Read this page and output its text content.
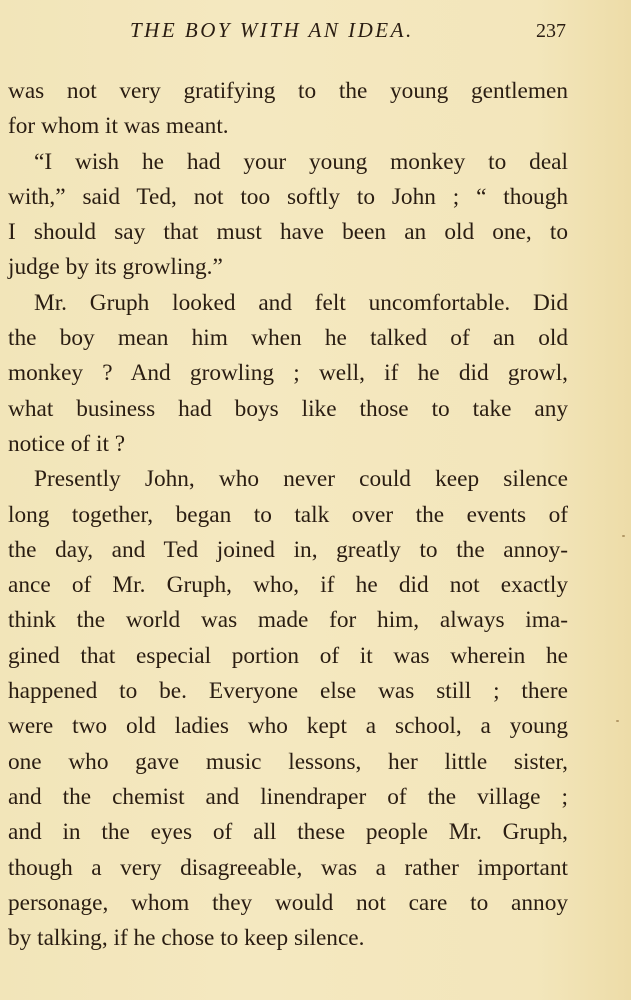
THE BOY WITH AN IDEA.	237
was not very gratifying to the young gentlemen
for whom it was meant.
“I wish he had your young monkey to deal
with,” said Ted, not too softly to John ; “ though
I should say that must have been an old one, to
judge by its growling.”
Mr. Gruph looked and felt uncomfortable. Did
the boy mean him when he talked of an old
monkey ? And growling ; well, if he did growl,
what business had boys like those to take any
notice of it ?
Presently John, who never could keep silence
long together, began to talk over the events of
the day, and Ted joined in, greatly to the annoy-
ance of Mr. Gruph, who, if he did not exactly
think the world was made for him, always ima-
gined that especial portion of it was wherein he
happened to be. Everyone else was still ; there
were two old ladies who kept a school, a young
one who gave music lessons, her little sister,
and the chemist and linendraper of the village ;
and in the eyes of all these people Mr. Gruph,
though a very disagreeable, was a rather important
personage, whom they would not care to annoy
by talking, if he chose to keep silence.
